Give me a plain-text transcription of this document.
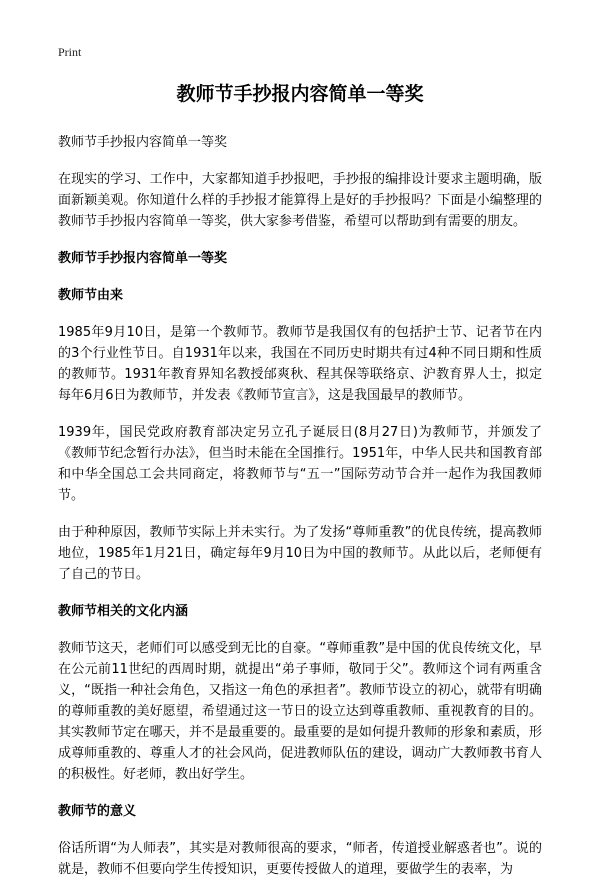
Print
教师节手抄报内容简单一等奖
教师节手抄报内容简单一等奖

在现实的学习、工作中，大家都知道手抄报吧，手抄报的编排设计要求主题明确，版面新颖美观。你知道什么样的手抄报才能算得上是好的手抄报吗？下面是小编整理的教师节手抄报内容简单一等奖，供大家参考借鉴，希望可以帮助到有需要的朋友。

教师节手抄报内容简单一等奖
教师节由来

1985年9月10日，是第一个教师节。教师节是我国仅有的包括护士节、记者节在内的3个行业性节日。自1931年以来，我国在不同历史时期共有过4种不同日期和性质的教师节。1931年教育界知名教授邰爽秋、程其保等联络京、沪教育界人士，拟定每年6月6日为教师节，并发表《教师节宣言》，这是我国最早的教师节。

1939年，国民党政府教育部决定另立孔子诞辰日(8月27日)为教师节，并颁发了《教师节纪念暂行办法》，但当时未能在全国推行。1951年，中华人民共和国教育部和中华全国总工会共同商定，将教师节与“五一”国际劳动节合并一起作为我国教师节。

由于种种原因，教师节实际上并未实行。为了发扬“尊师重教”的优良传统，提高教师地位，1985年1月21日，确定每年9月10日为中国的教师节。从此以后，老师便有了自己的节日。

教师节相关的文化内涵

教师节这天，老师们可以感受到无比的自豪。“尊师重教”是中国的优良传统文化，早在公元前11世纪的西周时期，就提出“弟子事师，敬同于父”。教师这个词有两重含义，“既指一种社会角色，又指这一角色的承担者”。教师节设立的初心，就带有明确的尊师重教的美好愿望，希望通过这一节日的设立达到尊重教师、重视教育的目的。其实教师节定在哪天，并不是最重要的。最重要的是如何提升教师的形象和素质，形成尊师重教的、尊重人才的社会风尚，促进教师队伍的建设，调动广大教师教书育人的积极性。好老师，教出好学生。

教师节的意义

俗话所谓“为人师表”，其实是对教师很高的要求，“师者，传道授业解惑者也”。说的就是，教师不但要向学生传授知识，更要传授做人的道理，要做学生的表率，为
